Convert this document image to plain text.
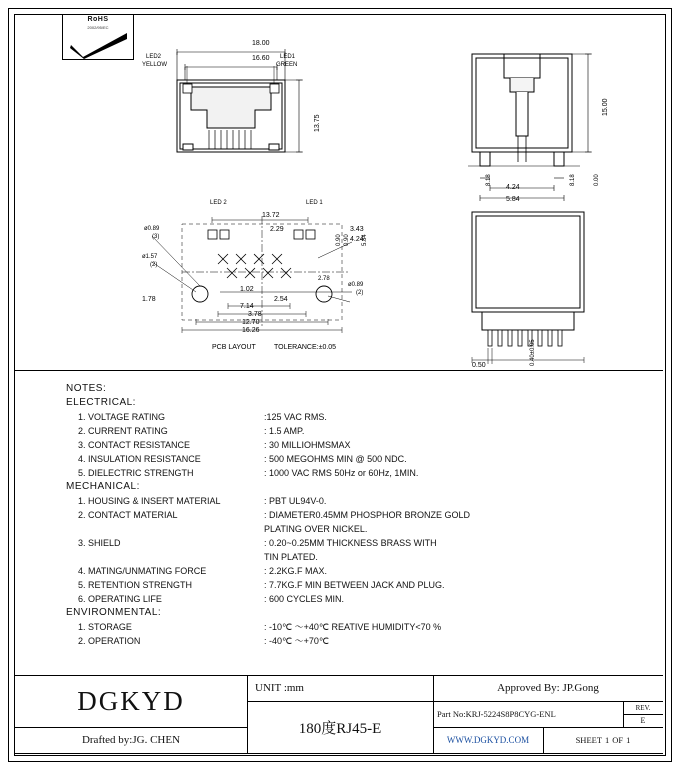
RoHS
2002/95/EC
18.00
16.60
13.75
LED2
YELLOW
LED1
GREEN
15.00
8.18	8.18
4.24
5.84
0.00
13.72
2.29	3.43
4.24
5.84
1.02
2.54
1.78
7.14
3.78
12.70
16.26
2.78
0.90 0.90
ø0.89
(3)
ø1.57
(2)
ø0.89
(2)
PCB LAYOUT	TOLERANCE:±0.05
LED 2	LED 1
0.40±0.05
0.50
NOTES:
ELECTRICAL:
1. VOLTAGE RATING	:125 VAC RMS.
2. CURRENT RATING	: 1.5 AMP.
3. CONTACT RESISTANCE	: 30 MILLIOHMSMAX
4. INSULATION RESISTANCE	: 500 MEGOHMS MIN @ 500 NDC.
5. DIELECTRIC STRENGTH	: 1000 VAC RMS 50Hz or 60Hz, 1MIN.
MECHANICAL:
1. HOUSING & INSERT MATERIAL	: PBT UL94V-0.
2. CONTACT MATERIAL	: DIAMETER0.45MM PHOSPHOR BRONZE GOLD
PLATING OVER NICKEL.
3. SHIELD	: 0.20~0.25MM THICKNESS BRASS WITH
TIN PLATED.
4. MATING/UNMATING FORCE	: 2.2KG.F MAX.
5. RETENTION STRENGTH	: 7.7KG.F MIN BETWEEN JACK AND PLUG.
6. OPERATING LIFE	: 600 CYCLES MIN.
ENVIRONMENTAL:
1. STORAGE	: -10℃ ～+40℃ REATIVE HUMIDITY<70 %
2. OPERATION	: -40℃ ～+70℃
DGKYD
Drafted by:JG. CHEN
UNIT :mm
180度RJ45-E
Approved By: JP.Gong
Part No:KRJ-5224S8P8CYG-ENL
REV.
E
WWW.DGKYD.COM	SHEET 1 OF 1
